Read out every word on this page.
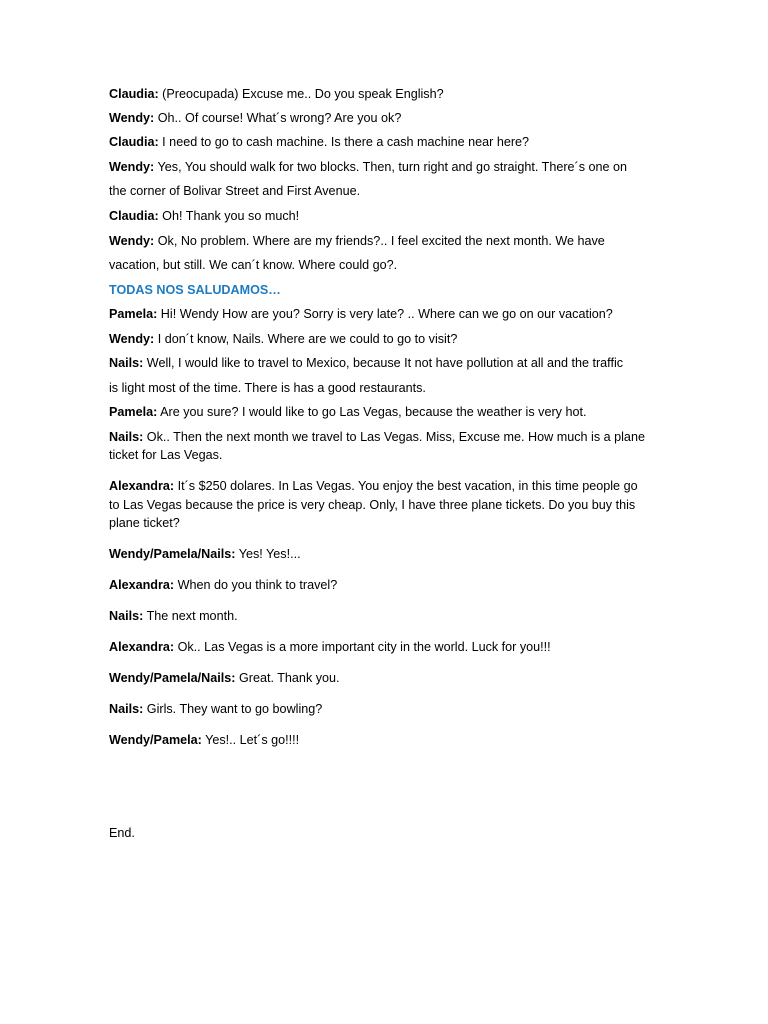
Claudia: (Preocupada) Excuse me.. Do you speak English?
Wendy: Oh.. Of course! What´s wrong? Are you ok?
Claudia: I need to go to cash machine. Is there a cash machine near here?
Wendy: Yes, You should walk for two blocks. Then, turn right and go straight. There´s one on
the corner of Bolivar Street and First Avenue.
Claudia: Oh! Thank you so much!
Wendy: Ok, No problem. Where are my friends?.. I feel excited the next month. We have
vacation, but still. We can´t know. Where could go?.
TODAS NOS SALUDAMOS…
Pamela: Hi! Wendy How are you? Sorry is very late? .. Where can we go on our vacation?
Wendy: I don´t know, Nails. Where are we could to go to visit?
Nails: Well, I would like to travel to Mexico, because It not have pollution at all and the traffic
is light most of the time. There is has a good restaurants.
Pamela: Are you sure? I would like to go Las Vegas, because the weather is very hot.
Nails: Ok.. Then the next month we travel to Las Vegas. Miss, Excuse me. How much is a plane
ticket for Las Vegas.
Alexandra: It´s $250 dolares. In Las Vegas. You enjoy the best vacation, in this time people go
to Las Vegas because the price is very cheap. Only, I have three plane tickets. Do you buy this
plane ticket?
Wendy/Pamela/Nails: Yes! Yes!...
Alexandra: When do you think to travel?
Nails: The next month.
Alexandra: Ok.. Las Vegas is a more important city in the world. Luck for you!!!
Wendy/Pamela/Nails: Great. Thank you.
Nails: Girls. They want to go bowling?
Wendy/Pamela: Yes!.. Let´s go!!!!
End.
